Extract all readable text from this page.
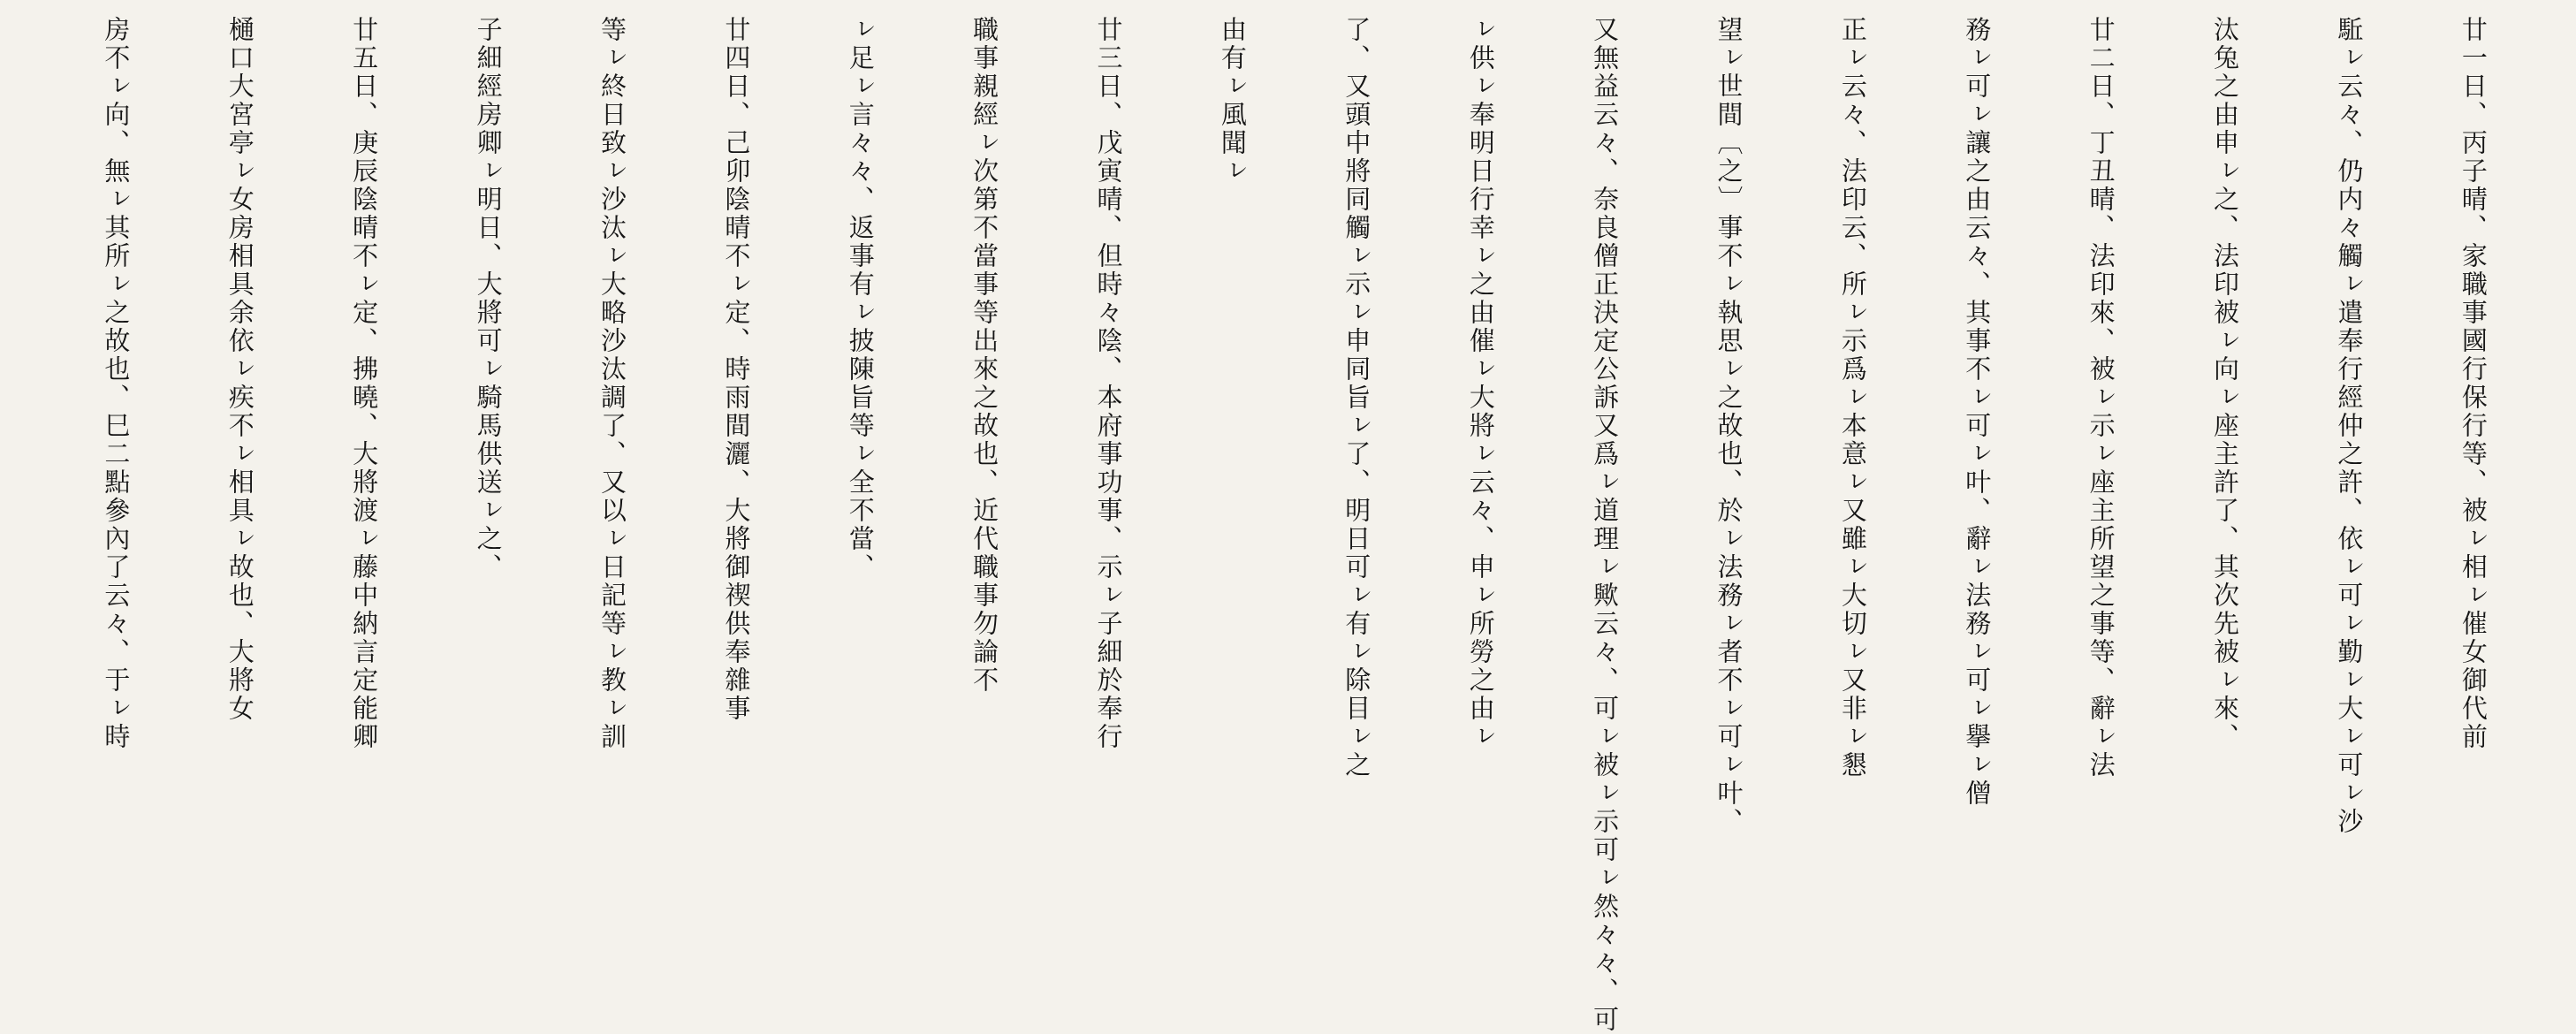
廿一日、丙子晴、家職事國行保行等、被ㇾ相ㇾ催女御代前

駈ㇾ云々、仍内々觸ㇾ遣奉行經仲之許、依ㇾ可ㇾ勤ㇾ大ㇾ可ㇾ沙

汰兔之由申ㇾ之、法印被ㇾ向ㇾ座主許了、其次先被ㇾ來、

廿二日、丁丑晴、法印來、被ㇾ示ㇾ座主所望之事等、辭ㇾ法

務ㇾ可ㇾ讓之由云々、其事不ㇾ可ㇾ叶、辭ㇾ法務ㇾ可ㇾ擧ㇾ僧

正ㇾ云々、法印云、所ㇾ示爲ㇾ本意ㇾ又雖ㇾ大切ㇾ又非ㇾ懇

望ㇾ世間〔之〕事不ㇾ執思ㇾ之故也、於ㇾ法務ㇾ者不ㇾ可ㇾ叶、

又無益云々、奈良僧正決定公訴又爲ㇾ道理ㇾ歟云々、可ㇾ被ㇾ示可ㇾ然々々、可

ㇾ供ㇾ奉明日行幸ㇾ之由催ㇾ大將ㇾ云々、申ㇾ所勞之由ㇾ

了、又頭中將同觸ㇾ示ㇾ申同旨ㇾ了、明日可ㇾ有ㇾ除目ㇾ之

由有ㇾ風聞ㇾ

廿三日、戊寅晴、但時々陰、本府事功事、示ㇾ子細於奉行

職事親經ㇾ次第不當事等出來之故也、近代職事勿論不

ㇾ足ㇾ言々々、返事有ㇾ披陳旨等ㇾ全不當、

廿四日、己卯陰晴不ㇾ定、時雨間灑、大將御禊供奉雜事

等ㇾ終日致ㇾ沙汰ㇾ大略沙汰調了、又以ㇾ日記等ㇾ教ㇾ訓

子細經房卿ㇾ明日、大將可ㇾ騎馬供送ㇾ之、

廿五日、庚辰陰晴不ㇾ定、拂曉、大將渡ㇾ藤中納言定能卿

樋口大宮亭ㇾ女房相具余依ㇾ疾不ㇾ相具ㇾ故也、大將女

房不ㇾ向、無ㇾ其所ㇾ之故也、巳二點參內了云々、于ㇾ時
